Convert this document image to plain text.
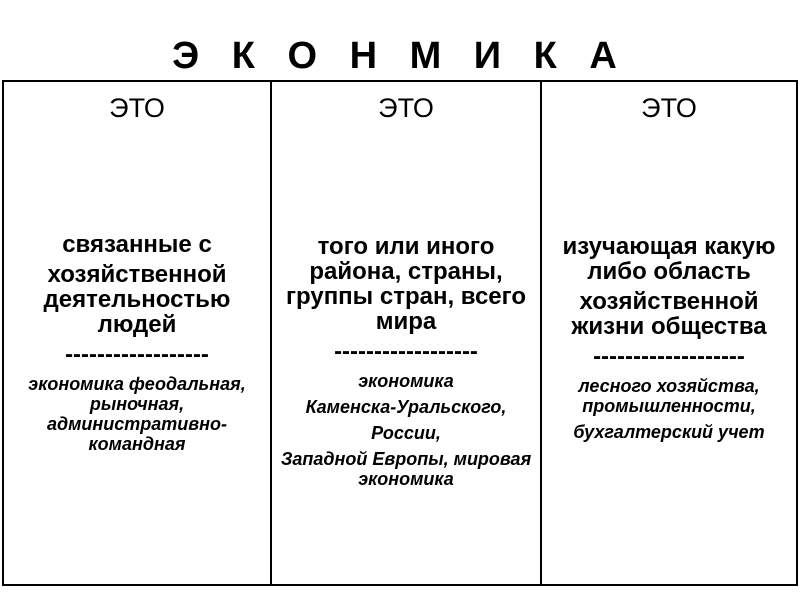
Э К О Н М И К А
ЭТО
связанные с
хозяйственной деятельностью людей
------------------
экономика феодальная, рыночная, административно-командная
ЭТО
того или иного района, страны, группы стран, всего мира
------------------
экономика
Каменска-Уральского,
России,
Западной Европы, мировая экономика
ЭТО
изучающая какую либо область
хозяйственной жизни общества
-------------------
лесного хозяйства, промышленности,
бухгалтерский учет
